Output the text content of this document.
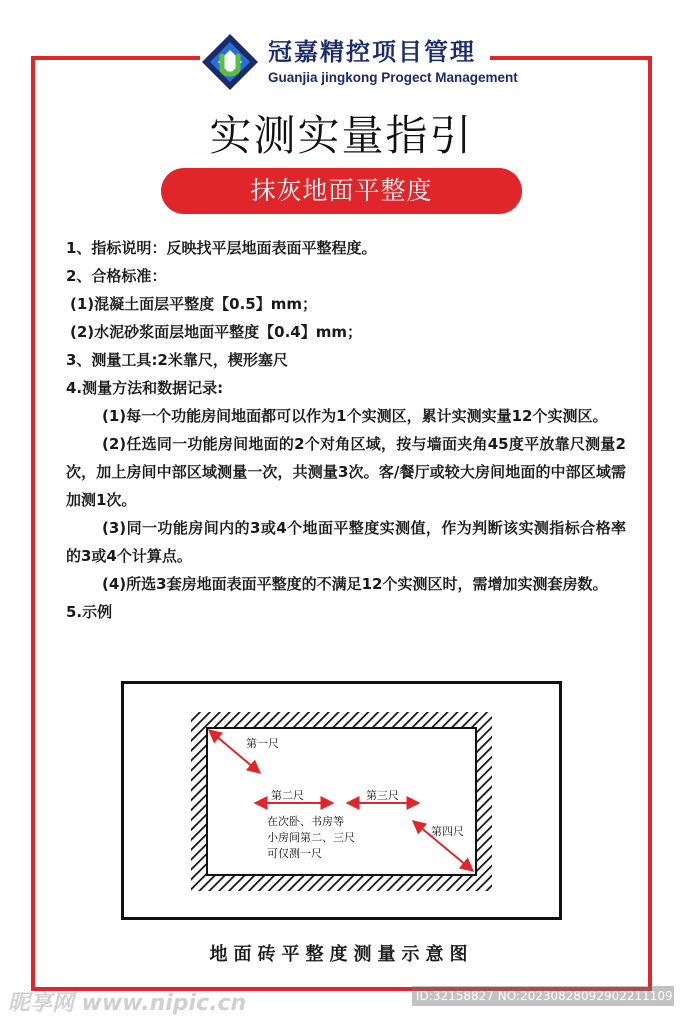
冠嘉精控项目管理
Guanjia jingkong Progect Management
实测实量指引
抹灰地面平整度
1、指标说明：反映找平层地面表面平整程度。
2、合格标准：
(1)混凝土面层平整度【0.5】mm；
(2)水泥砂浆面层地面平整度【0.4】mm；
3、测量工具:2米靠尺，楔形塞尺
4.测量方法和数据记录:
(1)每一个功能房间地面都可以作为1个实测区，累计实测实量12个实测区。
(2)任选同一功能房间地面的2个对角区域，按与墙面夹角45度平放靠尺测量2次，加上房间中部区域测量一次，共测量3次。客/餐厅或较大房间地面的中部区域需加测1次。
(3)同一功能房间内的3或4个地面平整度实测值，作为判断该实测指标合格率的3或4个计算点。
(4)所选3套房地面表面平整度的不满足12个实测区时，需增加实测套房数。
5.示例
第一尺
第二尺	第三尺
第四尺
在次卧、书房等
小房间第二、三尺
可仅测一尺
地面砖平整度测量示意图
昵享网 www.nipic.cn	ID:32158827 NO:20230828092902211109
